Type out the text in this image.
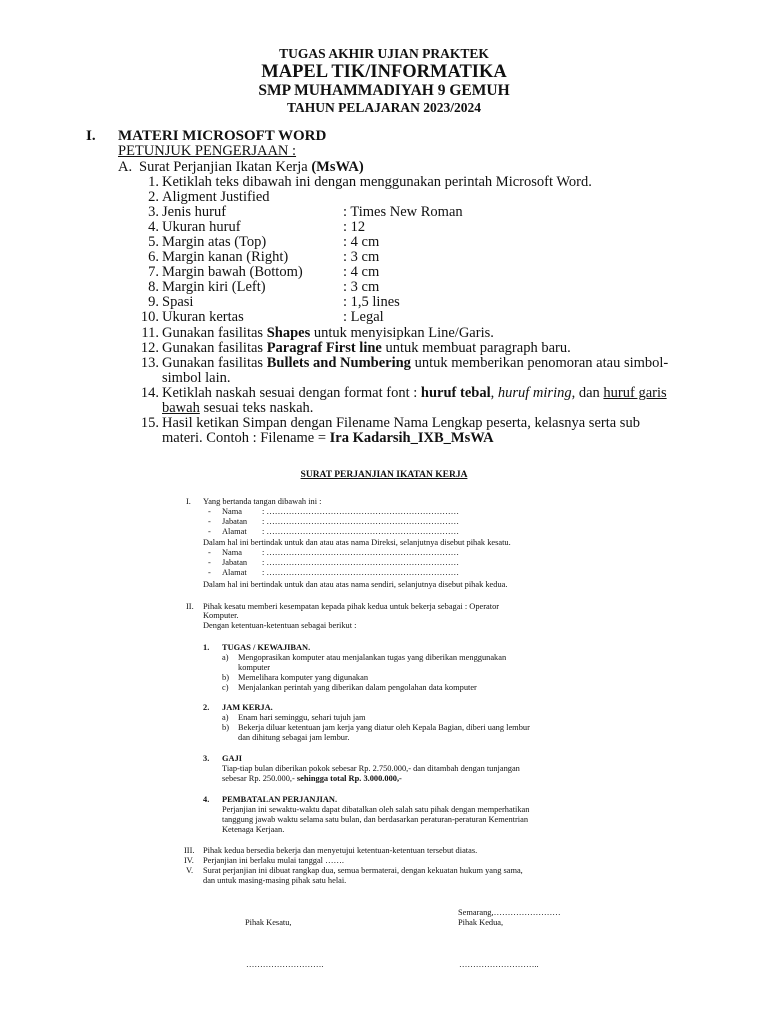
TUGAS AKHIR UJIAN PRAKTEK
MAPEL TIK/INFORMATIKA
SMP MUHAMMADIYAH 9 GEMUH
TAHUN PELAJARAN 2023/2024
I. MATERI MICROSOFT WORD
PETUNJUK PENGERJAAN :
A. Surat Perjanjian Ikatan Kerja (MsWA)
1. Ketiklah teks dibawah ini dengan menggunakan perintah Microsoft Word.
2. Aligment Justified
3. Jenis huruf	: Times New Roman
4. Ukuran huruf	: 12
5. Margin atas (Top)	: 4 cm
6. Margin kanan (Right)	: 3 cm
7. Margin bawah (Bottom)	: 4 cm
8. Margin kiri (Left)	: 3 cm
9. Spasi	: 1,5 lines
10. Ukuran kertas	: Legal
11. Gunakan fasilitas Shapes untuk menyisipkan Line/Garis.
12. Gunakan fasilitas Paragraf First line untuk membuat paragraph baru.
13. Gunakan fasilitas Bullets and Numbering untuk memberikan penomoran atau simbol-
simbol lain.
14. Ketiklah naskah sesuai dengan format font : huruf tebal, huruf miring, dan huruf garis
bawah sesuai teks naskah.
15. Hasil ketikan Simpan dengan Filename Nama Lengkap peserta, kelasnya serta sub
materi. Contoh : Filename = Ira Kadarsih_IXB_MsWA
SURAT PERJANJIAN IKATAN KERJA
I. Yang bertanda tangan dibawah ini :
- Nama : ……………………………………………………………
- Jabatan : ……………………………………………………………
- Alamat : ……………………………………………………………
Dalam hal ini bertindak untuk dan atau atas nama Direksi, selanjutnya disebut pihak kesatu.
- Nama : ……………………………………………………………
- Jabatan : ……………………………………………………………
- Alamat : ……………………………………………………………
Dalam hal ini bertindak untuk dan atau atas nama sendiri, selanjutnya disebut pihak kedua.
II. Pihak kesatu memberi kesempatan kepada pihak kedua untuk bekerja sebagai : Operator
Komputer.
Dengan ketentuan-ketentuan sebagai berikut :
1. TUGAS / KEWAJIBAN.
a) Mengoprasikan komputer atau menjalankan tugas yang diberikan menggunakan
komputer
b) Memelihara komputer yang digunakan
c) Menjalankan perintah yang diberikan dalam pengolahan data komputer
2. JAM KERJA.
a) Enam hari seminggu, sehari tujuh jam
b) Bekerja diluar ketentuan jam kerja yang diatur oleh Kepala Bagian, diberi uang lembur
dan dihitung sebagai jam lembur.
3. GAJI
Tiap-tiap bulan diberikan pokok sebesar Rp. 2.750.000,- dan ditambah dengan tunjangan
sebesar Rp. 250.000,- sehingga total Rp. 3.000.000,-
4. PEMBATALAN PERJANJIAN.
Perjanjian ini sewaktu-waktu dapat dibatalkan oleh salah satu pihak dengan memperhatikan
tanggung jawab waktu selama satu bulan, dan berdasarkan peraturan-peraturan Kementrian
Ketenaga Kerjaan.
III. Pihak kedua bersedia bekerja dan menyetujui ketentuan-ketentuan tersebut diatas.
IV. Perjanjian ini berlaku mulai tanggal …….
V. Surat perjanjian ini dibuat rangkap dua, semua bermaterai, dengan kekuatan hukum yang sama,
dan untuk masing-masing pihak satu helai.
Semarang,……………………
Pihak Kesatu,	Pihak Kedua,
……………………….	………………………..
